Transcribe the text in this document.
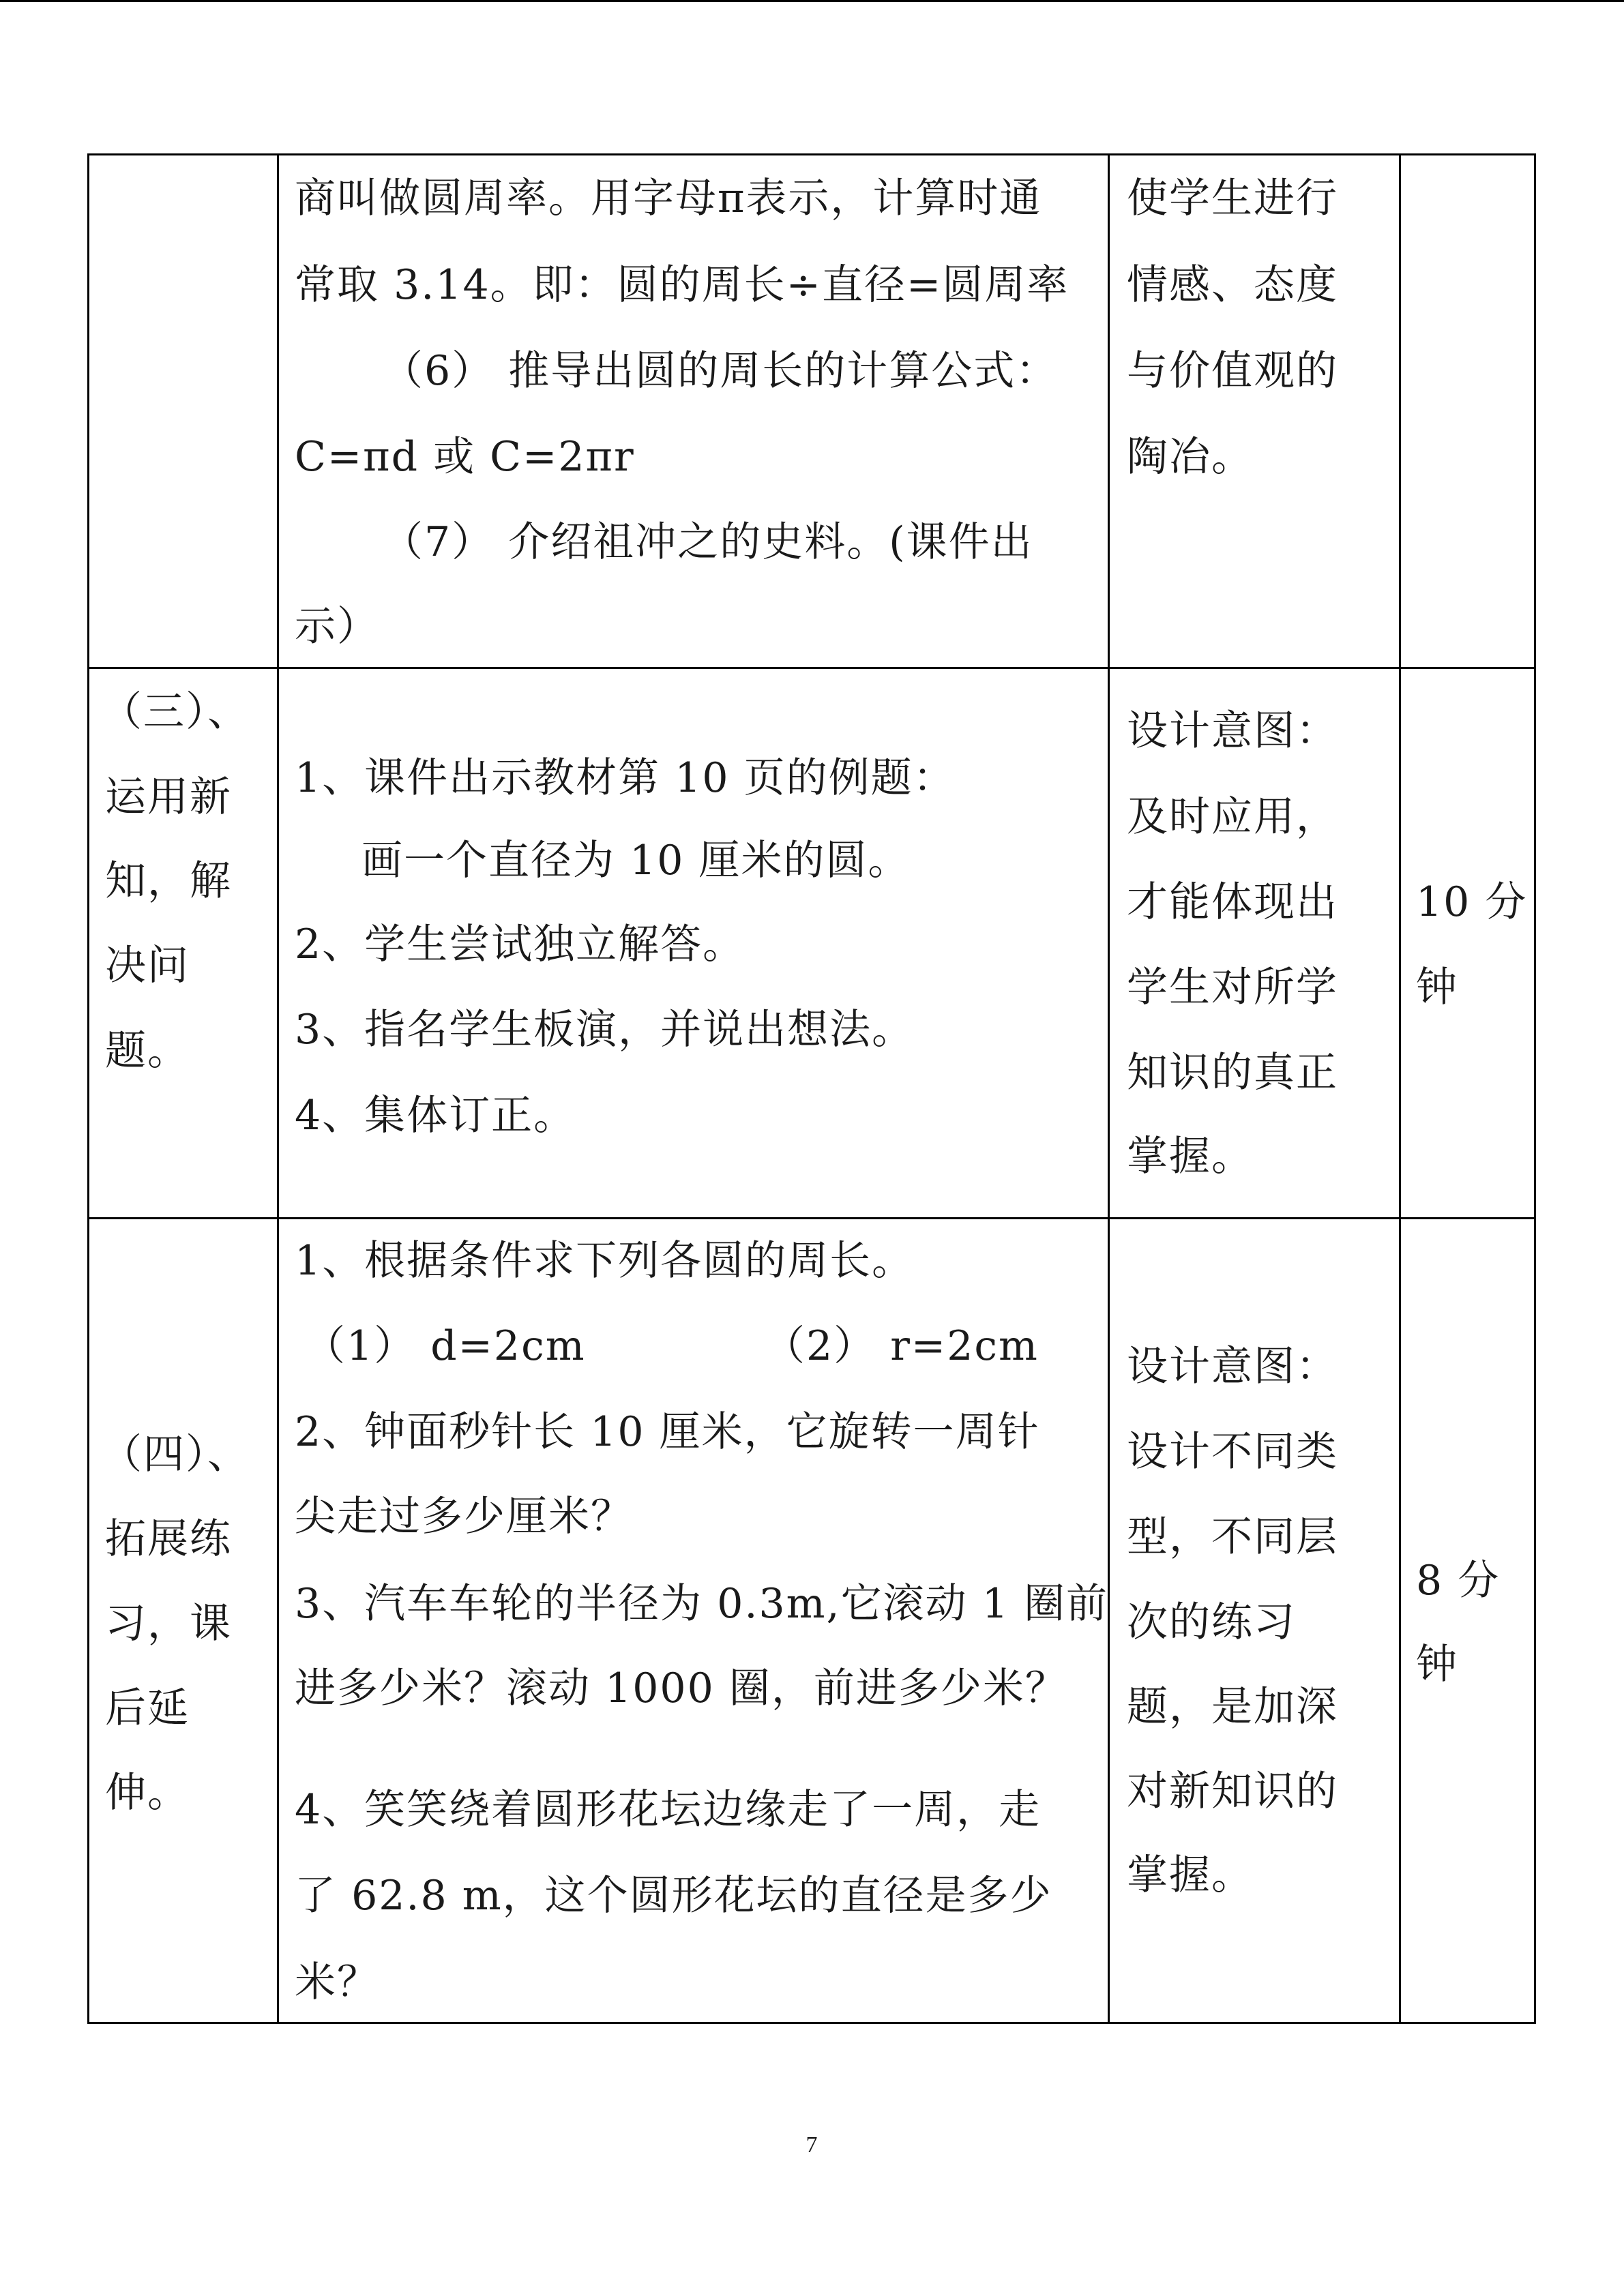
商叫做圆周率。用字母π表示，计算时通
常取 3.14。即：圆的周长÷直径=圆周率
（6） 推导出圆的周长的计算公式：
C=πd 或 C=2πr
（7） 介绍祖冲之的史料。(课件出
示）
使学生进行
情感、态度
与价值观的
陶冶。
（三）、
运用新
知，解
决问
题。
1、课件出示教材第 10 页的例题：
画一个直径为 10 厘米的圆。
2、学生尝试独立解答。
3、指名学生板演，并说出想法。
4、集体订正。
设计意图：
及时应用，
才能体现出
学生对所学
知识的真正
掌握。
10 分
钟
（四）、
拓展练
习，课
后延
伸。
1、根据条件求下列各圆的周长。
（1） d=2cm	（2） r=2cm
2、钟面秒针长 10 厘米，它旋转一周针
尖走过多少厘米？
3、汽车车轮的半径为 0.3m,它滚动 1 圈前
进多少米？滚动 1000 圈，前进多少米？
4、笑笑绕着圆形花坛边缘走了一周，走
了 62.8 m，这个圆形花坛的直径是多少
米？
设计意图：
设计不同类
型，不同层
次的练习
题，是加深
对新知识的
掌握。
8 分
钟
7
